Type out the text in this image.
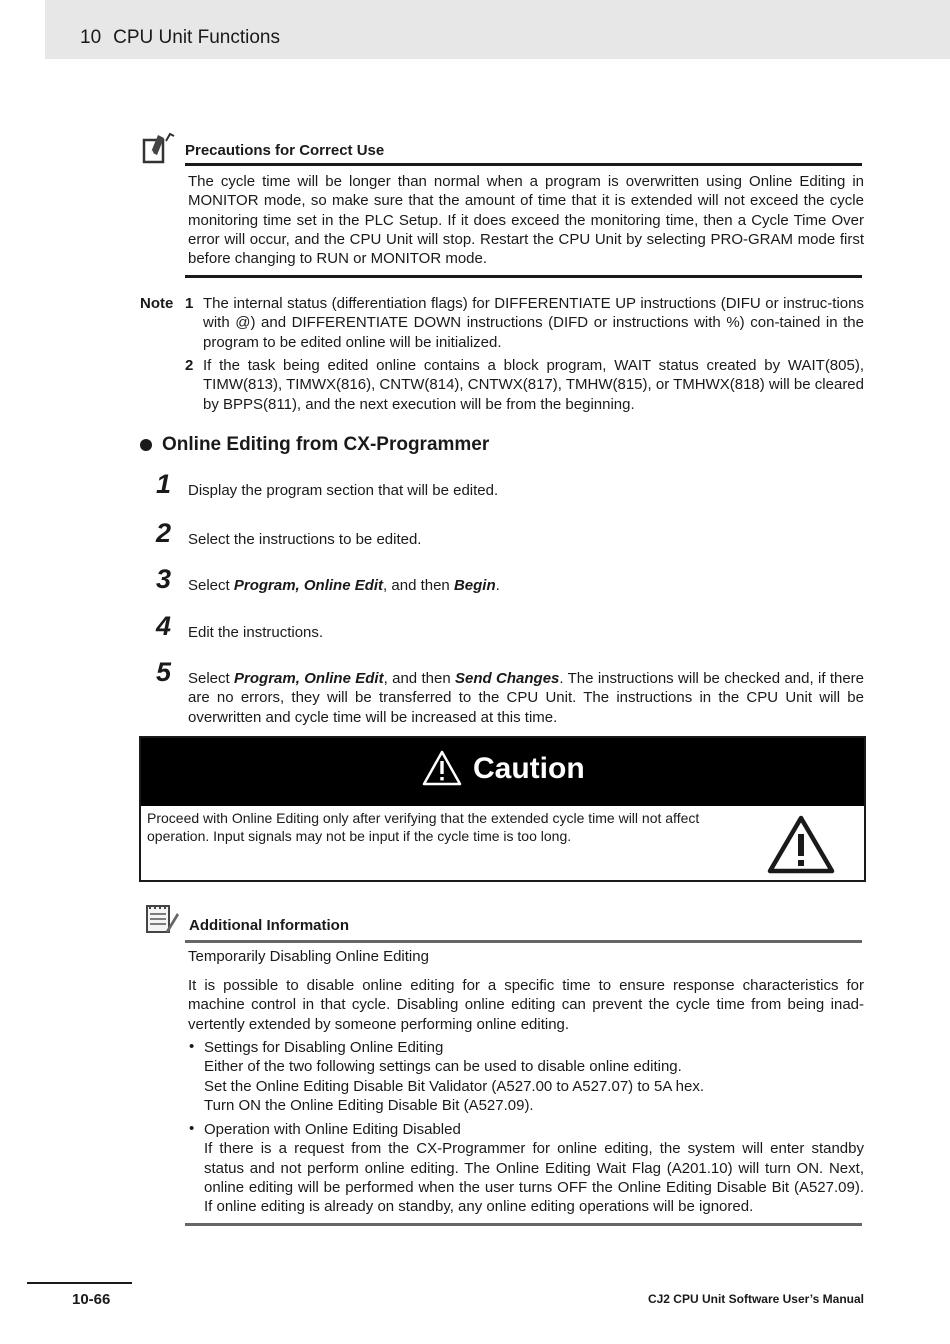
10 CPU Unit Functions
Precautions for Correct Use
The cycle time will be longer than normal when a program is overwritten using Online Editing in MONITOR mode, so make sure that the amount of time that it is extended will not exceed the cycle monitoring time set in the PLC Setup. If it does exceed the monitoring time, then a Cycle Time Over error will occur, and the CPU Unit will stop. Restart the CPU Unit by selecting PRO-GRAM mode first before changing to RUN or MONITOR mode.
Note 1 The internal status (differentiation flags) for DIFFERENTIATE UP instructions (DIFU or instruc-tions with @) and DIFFERENTIATE DOWN instructions (DIFD or instructions with %) con-tained in the program to be edited online will be initialized.
2 If the task being edited online contains a block program, WAIT status created by WAIT(805), TIMW(813), TIMWX(816), CNTW(814), CNTWX(817), TMHW(815), or TMHWX(818) will be cleared by BPPS(811), and the next execution will be from the beginning.
Online Editing from CX-Programmer
1 Display the program section that will be edited.
2 Select the instructions to be edited.
3 Select Program, Online Edit, and then Begin.
4 Edit the instructions.
5 Select Program, Online Edit, and then Send Changes. The instructions will be checked and, if there are no errors, they will be transferred to the CPU Unit. The instructions in the CPU Unit will be overwritten and cycle time will be increased at this time.
Caution
Proceed with Online Editing only after verifying that the extended cycle time will not affect operation. Input signals may not be input if the cycle time is too long.
Additional Information
Temporarily Disabling Online Editing
It is possible to disable online editing for a specific time to ensure response characteristics for machine control in that cycle. Disabling online editing can prevent the cycle time from being inad-vertently extended by someone performing online editing.
• Settings for Disabling Online Editing
Either of the two following settings can be used to disable online editing.
Set the Online Editing Disable Bit Validator (A527.00 to A527.07) to 5A hex.
Turn ON the Online Editing Disable Bit (A527.09).
• Operation with Online Editing Disabled
If there is a request from the CX-Programmer for online editing, the system will enter standby status and not perform online editing. The Online Editing Wait Flag (A201.10) will turn ON. Next, online editing will be performed when the user turns OFF the Online Editing Disable Bit (A527.09). If online editing is already on standby, any online editing operations will be ignored.
10-66	CJ2 CPU Unit Software User’s Manual
